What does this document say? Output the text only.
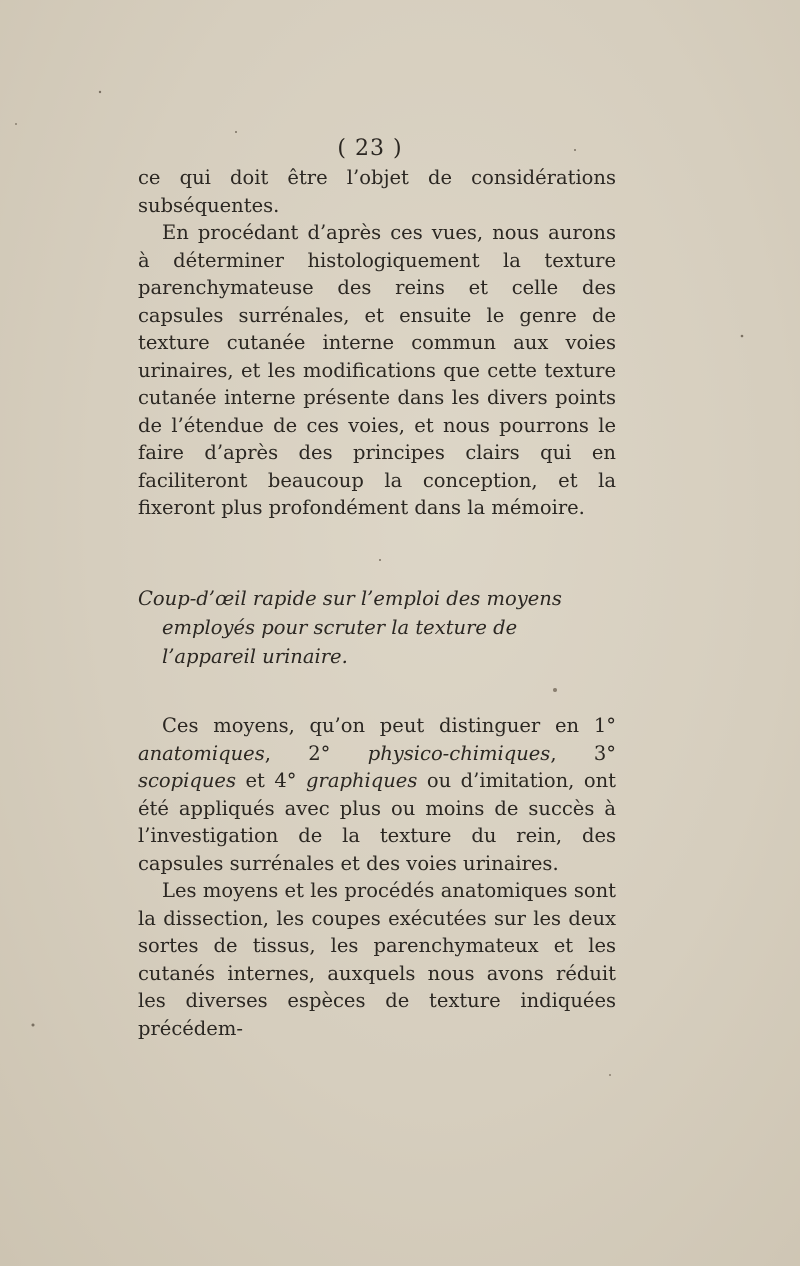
( 23 )

ce qui doit être l’objet de considérations subséquentes.

En procédant d’après ces vues, nous aurons à déterminer histologiquement la texture parenchymateuse des reins et celle des capsules surrénales, et ensuite le genre de texture cutanée interne commun aux voies urinaires, et les modifications que cette texture cutanée interne présente dans les divers points de l’étendue de ces voies, et nous pourrons le faire d’après des principes clairs qui en faciliteront beaucoup la conception, et la fixeront plus profondément dans la mémoire.

Coup-d’œil rapide sur l’emploi des moyens employés pour scruter la texture de l’appareil urinaire.

Ces moyens, qu’on peut distinguer en 1° anatomiques, 2° physico-chimiques, 3° scopiques et 4° graphiques ou d’imitation, ont été appliqués avec plus ou moins de succès à l’investigation de la texture du rein, des capsules surrénales et des voies urinaires.

Les moyens et les procédés anatomiques sont la dissection, les coupes exécutées sur les deux sortes de tissus, les parenchymateux et les cutanés internes, auxquels nous avons réduit les diverses espèces de texture indiquées précédem-
